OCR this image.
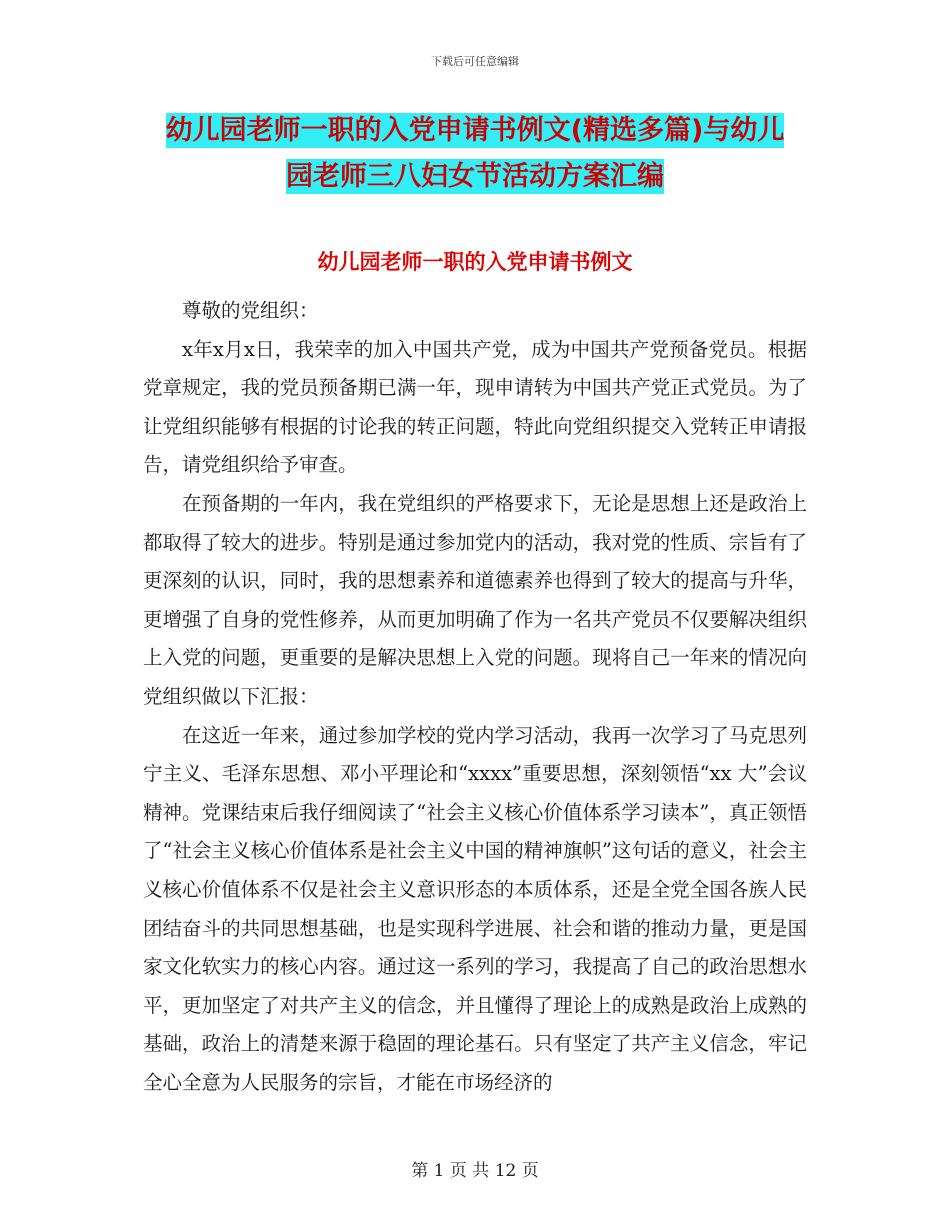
下载后可任意编辑
幼儿园老师一职的入党申请书例文(精选多篇)与幼儿
园老师三八妇女节活动方案汇编
幼儿园老师一职的入党申请书例文

尊敬的党组织：

x年x月x日，我荣幸的加入中国共产党，成为中国共产党预备党员。根据党章规定，我的党员预备期已满一年，现申请转为中国共产党正式党员。为了让党组织能够有根据的讨论我的转正问题，特此向党组织提交入党转正申请报告，请党组织给予审查。

在预备期的一年内，我在党组织的严格要求下，无论是思想上还是政治上都取得了较大的进步。特别是通过参加党内的活动，我对党的性质、宗旨有了更深刻的认识，同时，我的思想素养和道德素养也得到了较大的提高与升华，更增强了自身的党性修养，从而更加明确了作为一名共产党员不仅要解决组织上入党的问题，更重要的是解决思想上入党的问题。现将自己一年来的情况向党组织做以下汇报：

在这近一年来，通过参加学校的党内学习活动，我再一次学习了马克思列宁主义、毛泽东思想、邓小平理论和“xxxx”重要思想，深刻领悟“xx 大”会议精神。党课结束后我仔细阅读了“社会主义核心价值体系学习读本”，真正领悟了“社会主义核心价值体系是社会主义中国的精神旗帜”这句话的意义，社会主义核心价值体系不仅是社会主义意识形态的本质体系，还是全党全国各族人民团结奋斗的共同思想基础，也是实现科学进展、社会和谐的推动力量，更是国家文化软实力的核心内容。通过这一系列的学习，我提高了自己的政治思想水平，更加坚定了对共产主义的信念，并且懂得了理论上的成熟是政治上成熟的基础，政治上的清楚来源于稳固的理论基石。只有坚定了共产主义信念，牢记全心全意为人民服务的宗旨，才能在市场经济的

第 1 页 共 12 页
